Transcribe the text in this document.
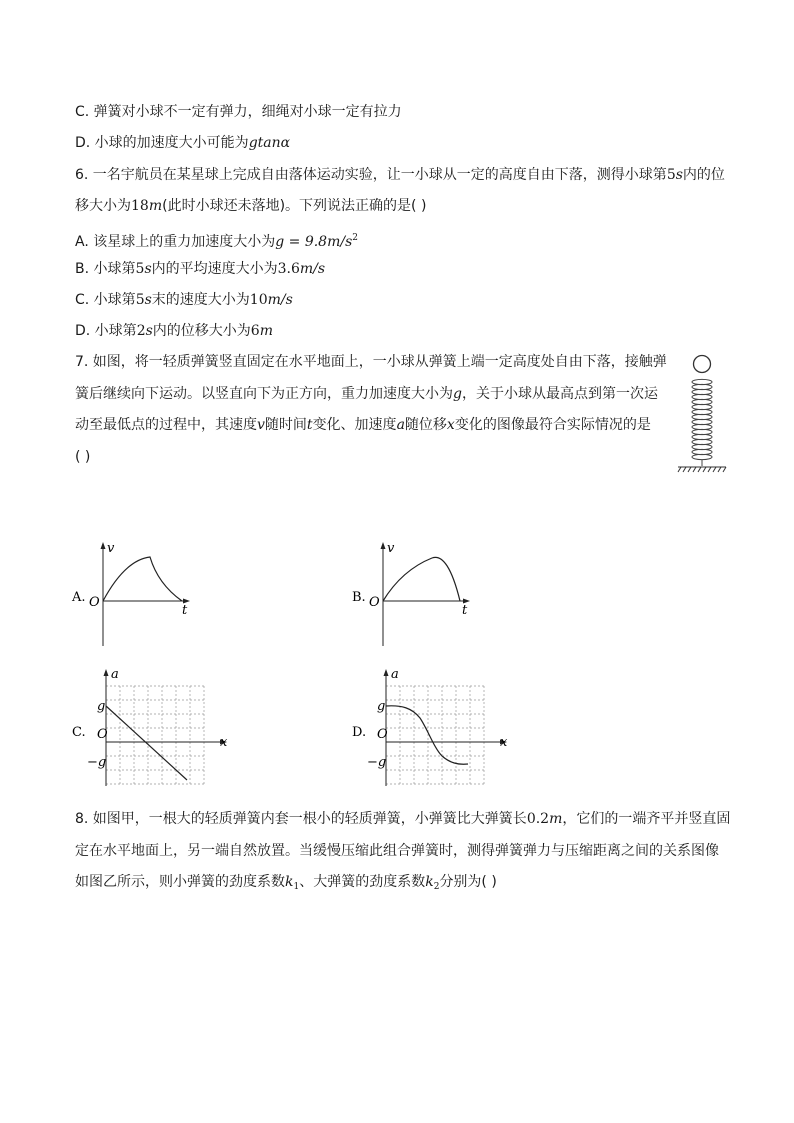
C. 弹簧对小球不一定有弹力，细绳对小球一定有拉力
D. 小球的加速度大小可能为gtanα
6. 一名宇航员在某星球上完成自由落体运动实验，让一小球从一定的高度自由下落，测得小球第5s内的位
移大小为18m(此时小球还未落地)。下列说法正确的是( )
A. 该星球上的重力加速度大小为$g = 9.8m/s^2$
B. 小球第5s内的平均速度大小为3.6m/s
C. 小球第5s末的速度大小为10m/s
D. 小球第2s内的位移大小为6m
7. 如图，将一轻质弹簧竖直固定在水平地面上，一小球从弹簧上端一定高度处自由下落，接触弹
簧后继续向下运动。以竖直向下为正方向，重力加速度大小为g，关于小球从最高点到第一次运
动至最低点的过程中，其速度v随时间t变化、加速度a随位移x变化的图像最符合实际情况的是
( )
A. O
v
t
B. O
v
t
C.
a
x
O
g
−g
D.
a
x
O
g
−g
8. 如图甲，一根大的轻质弹簧内套一根小的轻质弹簧，小弹簧比大弹簧长0.2m，它们的一端齐平并竖直固
定在水平地面上，另一端自然放置。当缓慢压缩此组合弹簧时，测得弹簧弹力与压缩距离之间的关系图像
如图乙所示，则小弹簧的劲度系数$k_1$、大弹簧的劲度系数$k_2$分别为( )
